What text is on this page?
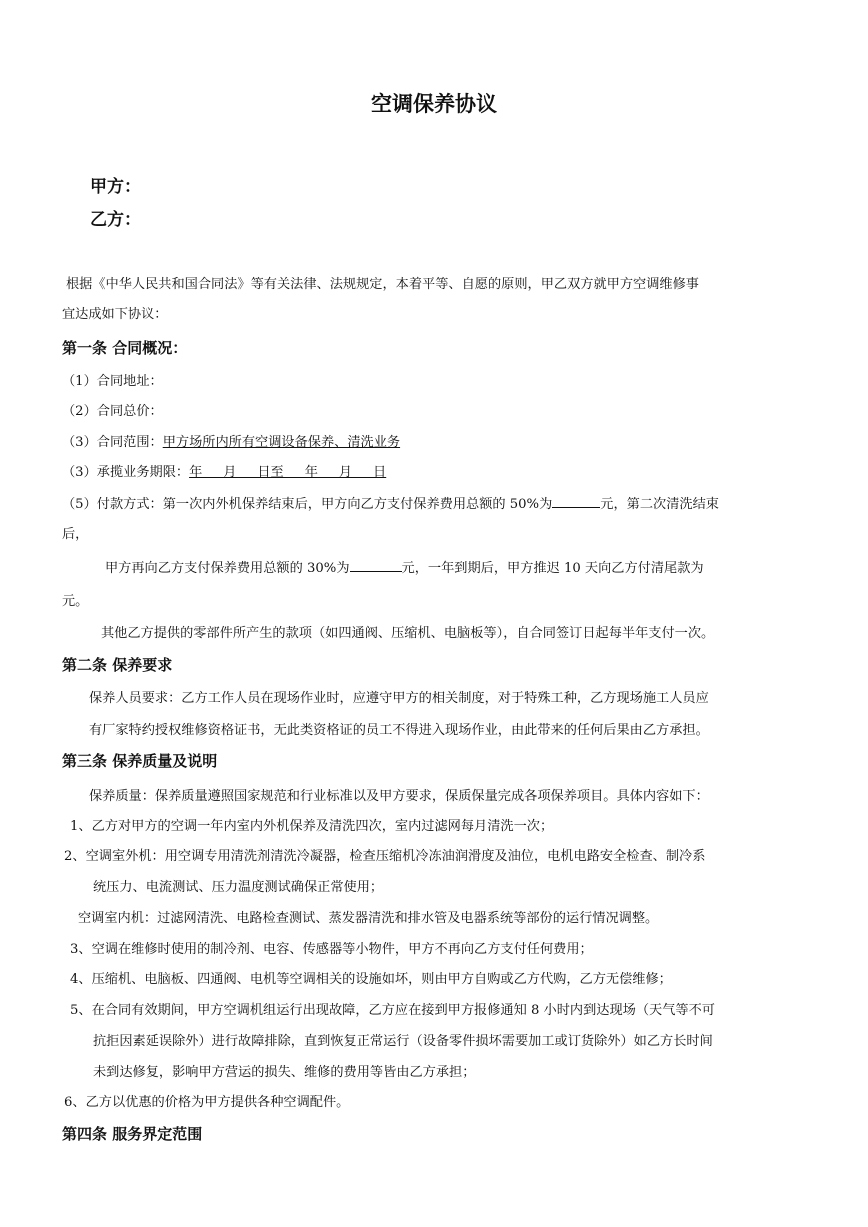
空调保养协议
甲方：
乙方：
根据《中华人民共和国合同法》等有关法律、法规规定，本着平等、自愿的原则，甲乙双方就甲方空调维修事
宜达成如下协议：
第一条 合同概况：
（1）合同地址：
（2）合同总价：
（3）合同范围：甲方场所内所有空调设备保养、清洗业务
（3）承揽业务期限：年     月     日至     年     月     日
（5）付款方式：第一次内外机保养结束后，甲方向乙方支付保养费用总额的 50%为	元，第二次清洗结束
后，
甲方再向乙方支付保养费用总额的 30%为	元，一年到期后，甲方推迟 10 天向乙方付清尾款为
元。
其他乙方提供的零部件所产生的款项（如四通阀、压缩机、电脑板等），自合同签订日起每半年支付一次。
第二条 保养要求
保养人员要求：乙方工作人员在现场作业时，应遵守甲方的相关制度，对于特殊工种，乙方现场施工人员应
有厂家特约授权维修资格证书，无此类资格证的员工不得进入现场作业，由此带来的任何后果由乙方承担。
第三条 保养质量及说明
保养质量：保养质量遵照国家规范和行业标准以及甲方要求，保质保量完成各项保养项目。具体内容如下：
1、乙方对甲方的空调一年内室内外机保养及清洗四次，室内过滤网每月清洗一次；
2、空调室外机：用空调专用清洗剂清洗冷凝器，检查压缩机冷冻油润滑度及油位，电机电路安全检查、制冷系
统压力、电流测试、压力温度测试确保正常使用；
空调室内机：过滤网清洗、电路检查测试、蒸发器清洗和排水管及电器系统等部份的运行情况调整。
3、空调在维修时使用的制冷剂、电容、传感器等小物件，甲方不再向乙方支付任何费用；
4、压缩机、电脑板、四通阀、电机等空调相关的设施如坏，则由甲方自购或乙方代购，乙方无偿维修；
5、在合同有效期间，甲方空调机组运行出现故障，乙方应在接到甲方报修通知 8 小时内到达现场（天气等不可
抗拒因素延误除外）进行故障排除，直到恢复正常运行（设备零件损坏需要加工或订货除外）如乙方长时间
未到达修复，影响甲方营运的损失、维修的费用等皆由乙方承担；
6、乙方以优惠的价格为甲方提供各种空调配件。
第四条 服务界定范围
